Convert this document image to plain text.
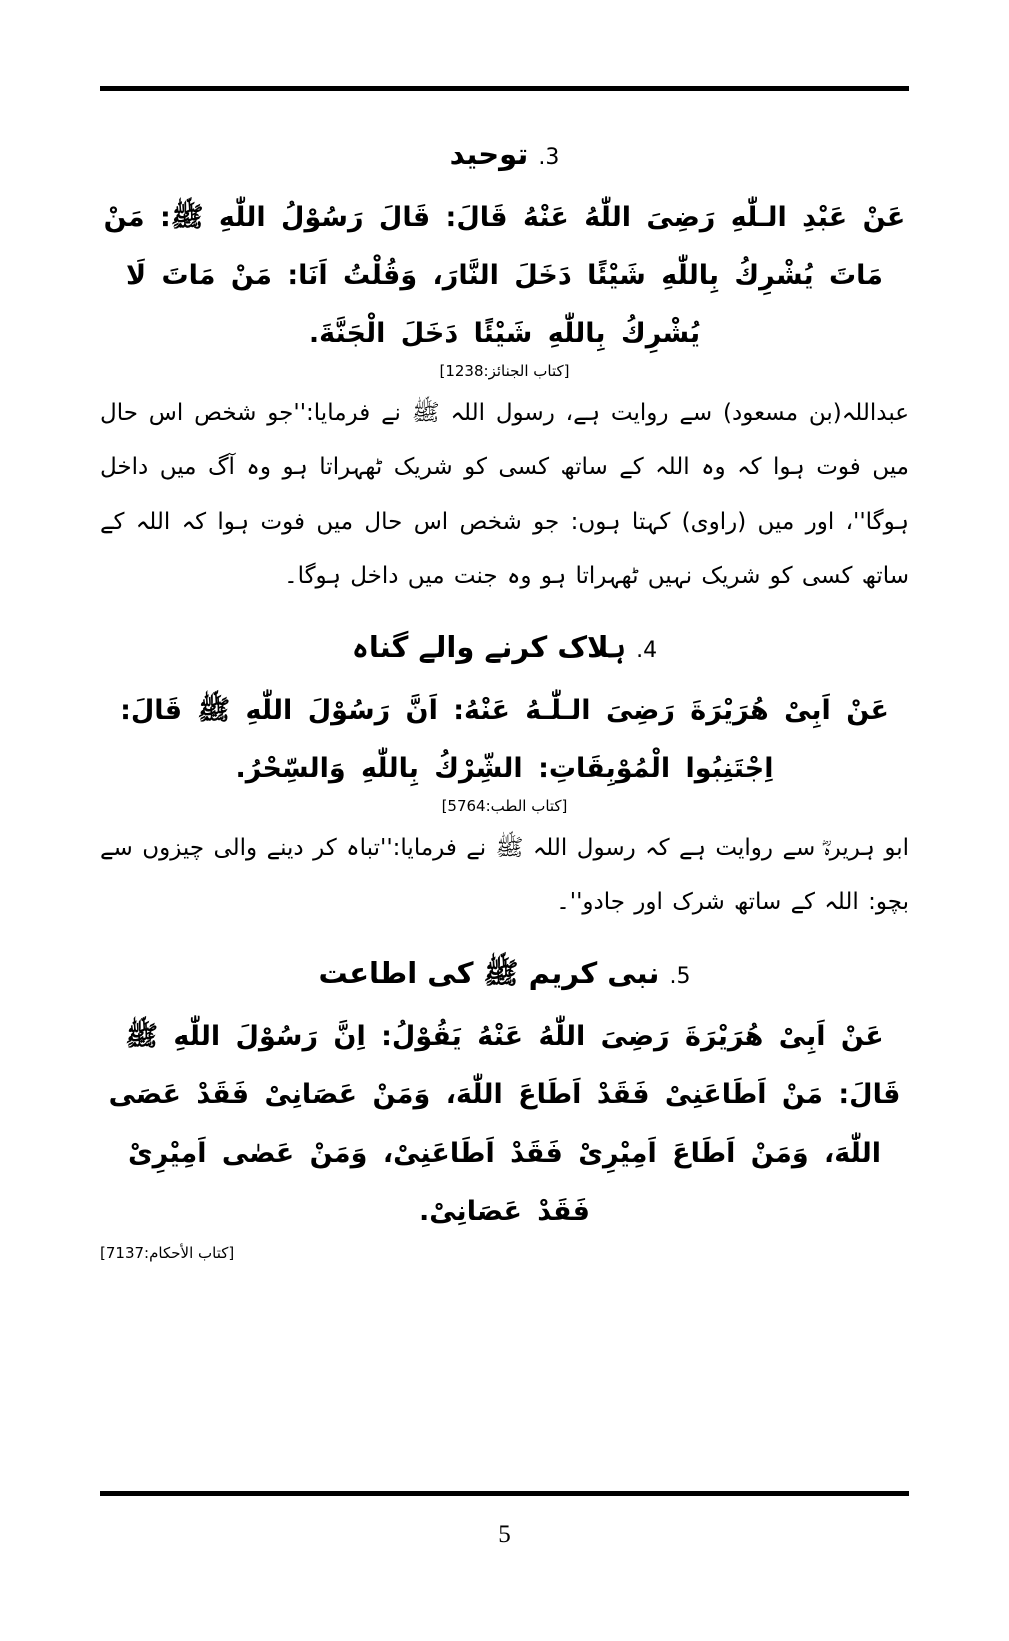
3. توحید
عَنْ عَبْدِ الـلّٰهِ رَضِىَ اللّٰهُ عَنْهُ قَالَ: قَالَ رَسُوْلُ اللّٰهِ ﷺ: مَنْ مَاتَ يُشْرِكُ بِاللّٰهِ شَيْئًا دَخَلَ النَّارَ، وَقُلْتُ اَنَا: مَنْ مَاتَ لَا يُشْرِكُ بِاللّٰهِ شَيْئًا دَخَلَ الْجَنَّةَ.
[كتاب الجنائز:1238]
عبداللہ(بن مسعود) سے روایت ہے، رسول اللہ ﷺ نے فرمایا:''جو شخص اس حال میں فوت ہوا کہ وہ اللہ کے ساتھ کسی کو شریک ٹھہراتا ہو وہ آگ میں داخل ہوگا''، اور میں (راوی) کہتا ہوں: جو شخص اس حال میں فوت ہوا کہ اللہ کے ساتھ کسی کو شریک نہیں ٹھہراتا ہو وہ جنت میں داخل ہوگا۔
4. ہلاک کرنے والے گناہ
عَنْ اَبِىْ هُرَيْرَةَ رَضِىَ الـلّٰـهُ عَنْهُ: اَنَّ رَسُوْلَ اللّٰهِ ﷺ قَالَ: اِجْتَنِبُوا الْمُوْبِقَاتِ: الشِّرْكُ بِاللّٰهِ وَالسِّحْرُ.
[كتاب الطب:5764]
ابو ہریرہؓ سے روایت ہے کہ رسول اللہ ﷺ نے فرمایا:''تباہ کر دینے والی چیزوں سے بچو: اللہ کے ساتھ شرک اور جادو''۔
5. نبی کریم ﷺ کی اطاعت
عَنْ اَبِىْ هُرَيْرَةَ رَضِىَ اللّٰهُ عَنْهُ يَقُوْلُ: اِنَّ رَسُوْلَ اللّٰهِ ﷺ قَالَ: مَنْ اَطَاعَنِىْ فَقَدْ اَطَاعَ اللّٰهَ، وَمَنْ عَصَانِىْ فَقَدْ عَصَى اللّٰهَ، وَمَنْ اَطَاعَ اَمِيْرِىْ فَقَدْ اَطَاعَنِىْ، وَمَنْ عَصٰى اَمِيْرِىْ فَقَدْ عَصَانِىْ.
[كتاب الأحكام:7137]
5
